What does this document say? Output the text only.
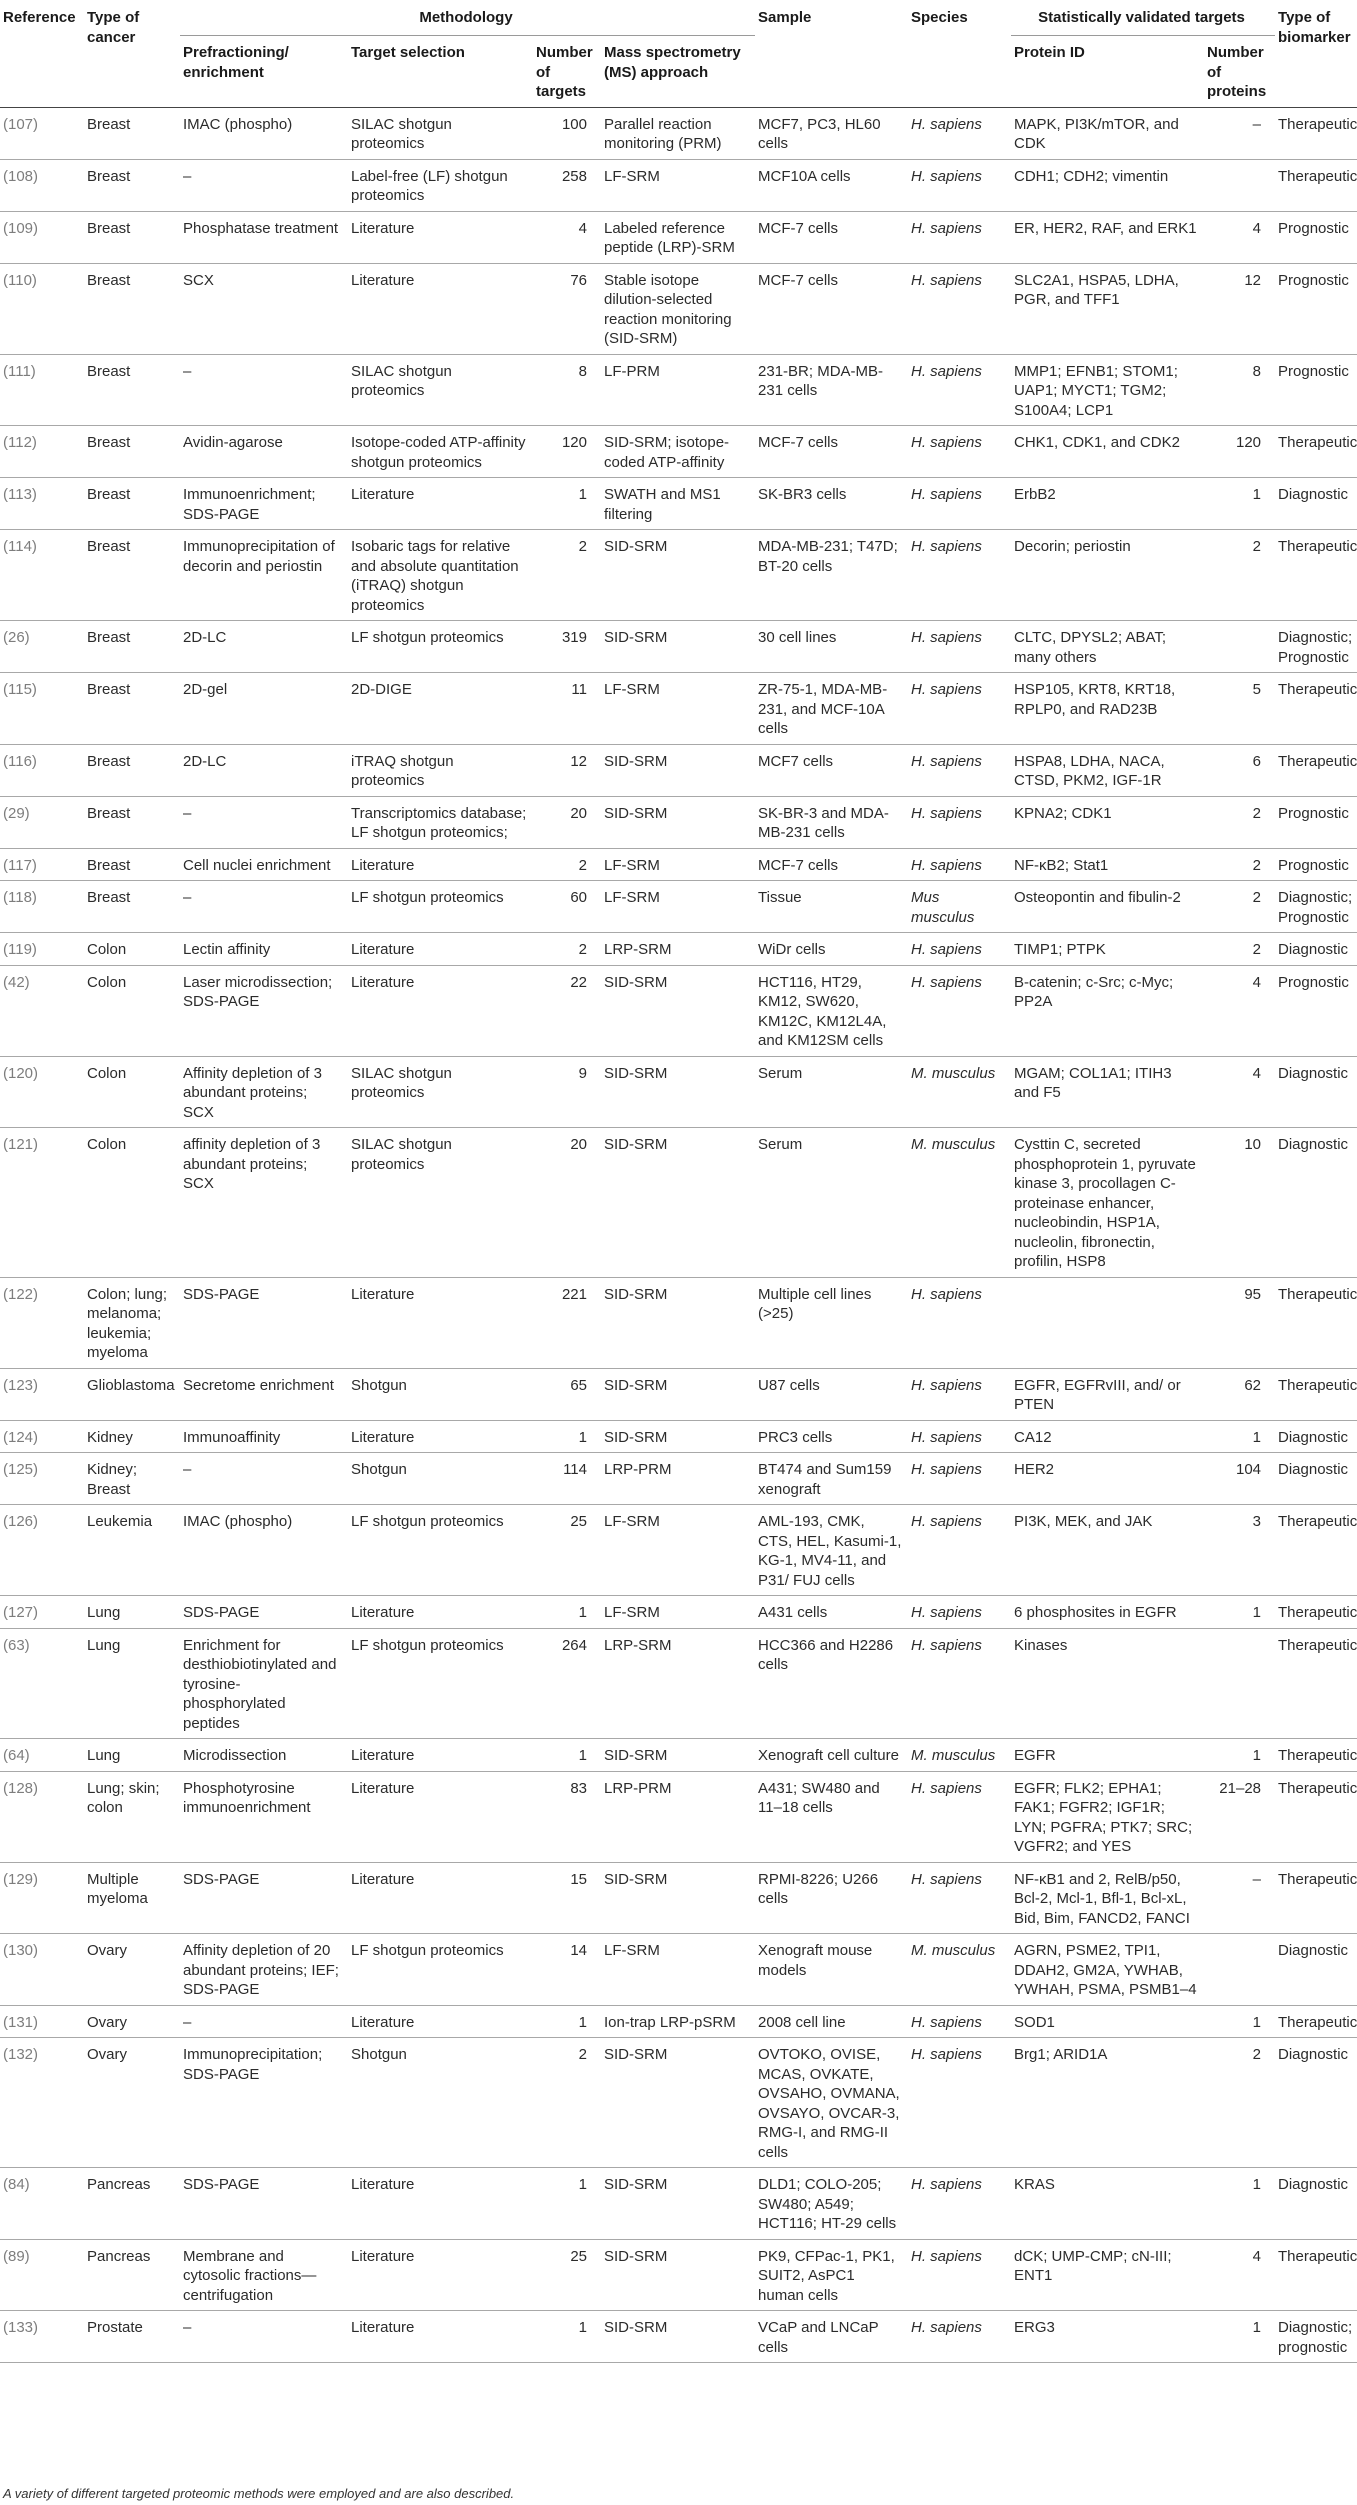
Reference	Type of cancer	Methodology				Sample	Species	Statistically validated targets		Type of biomarker
		Prefractioning/ enrichment	Target selection	Number of targets	Mass spectrometry (MS) approach			Protein ID	Number of proteins	
(107)	Breast	IMAC (phospho)	SILAC shotgun proteomics	100	Parallel reaction monitoring (PRM)	MCF7, PC3, HL60 cells	H. sapiens	MAPK, PI3K/mTOR, and CDK	–	Therapeutic
(108)	Breast	–	Label-free (LF) shotgun proteomics	258	LF-SRM	MCF10A cells	H. sapiens	CDH1; CDH2; vimentin		Therapeutic
(109)	Breast	Phosphatase treatment	Literature	4	Labeled reference peptide (LRP)-SRM	MCF-7 cells	H. sapiens	ER, HER2, RAF, and ERK1	4	Prognostic
(110)	Breast	SCX	Literature	76	Stable isotope dilution-selected reaction monitoring (SID-SRM)	MCF-7 cells	H. sapiens	SLC2A1, HSPA5, LDHA, PGR, and TFF1	12	Prognostic
(111)	Breast	–	SILAC shotgun proteomics	8	LF-PRM	231-BR; MDA-MB-231 cells	H. sapiens	MMP1; EFNB1; STOM1; UAP1; MYCT1; TGM2; S100A4; LCP1	8	Prognostic
(112)	Breast	Avidin-agarose	Isotope-coded ATP-affinity shotgun proteomics	120	SID-SRM; isotope-coded ATP-affinity	MCF-7 cells	H. sapiens	CHK1, CDK1, and CDK2	120	Therapeutic
(113)	Breast	Immunoenrichment; SDS-PAGE	Literature	1	SWATH and MS1 filtering	SK-BR3 cells	H. sapiens	ErbB2	1	Diagnostic
(114)	Breast	Immunoprecipitation of decorin and periostin	Isobaric tags for relative and absolute quantitation (iTRAQ) shotgun proteomics	2	SID-SRM	MDA-MB-231; T47D; BT-20 cells	H. sapiens	Decorin; periostin	2	Therapeutic
(26)	Breast	2D-LC	LF shotgun proteomics	319	SID-SRM	30 cell lines	H. sapiens	CLTC, DPYSL2; ABAT; many others		Diagnostic; Prognostic
(115)	Breast	2D-gel	2D-DIGE	11	LF-SRM	ZR-75-1, MDA-MB-231, and MCF-10A cells	H. sapiens	HSP105, KRT8, KRT18, RPLP0, and RAD23B	5	Therapeutic
(116)	Breast	2D-LC	iTRAQ shotgun proteomics	12	SID-SRM	MCF7 cells	H. sapiens	HSPA8, LDHA, NACA, CTSD, PKM2, IGF-1R	6	Therapeutic
(29)	Breast	–	Transcriptomics database; LF shotgun proteomics;	20	SID-SRM	SK-BR-3 and MDA-MB-231 cells	H. sapiens	KPNA2; CDK1	2	Prognostic
(117)	Breast	Cell nuclei enrichment	Literature	2	LF-SRM	MCF-7 cells	H. sapiens	NF-κB2; Stat1	2	Prognostic
(118)	Breast	–	LF shotgun proteomics	60	LF-SRM	Tissue	Mus musculus	Osteopontin and fibulin-2	2	Diagnostic; Prognostic
(119)	Colon	Lectin affinity	Literature	2	LRP-SRM	WiDr cells	H. sapiens	TIMP1; PTPK	2	Diagnostic
(42)	Colon	Laser microdissection; SDS-PAGE	Literature	22	SID-SRM	HCT116, HT29, KM12, SW620, KM12C, KM12L4A, and KM12SM cells	H. sapiens	B-catenin; c-Src; c-Myc; PP2A	4	Prognostic
(120)	Colon	Affinity depletion of 3 abundant proteins; SCX	SILAC shotgun proteomics	9	SID-SRM	Serum	M. musculus	MGAM; COL1A1; ITIH3 and F5	4	Diagnostic
(121)	Colon	affinity depletion of 3 abundant proteins; SCX	SILAC shotgun proteomics	20	SID-SRM	Serum	M. musculus	Cysttin C, secreted phosphoprotein 1, pyruvate kinase 3, procollagen C-proteinase enhancer, nucleobindin, HSP1A, nucleolin, fibronectin, profilin, HSP8	10	Diagnostic
(122)	Colon; lung; melanoma; leukemia; myeloma	SDS-PAGE	Literature	221	SID-SRM	Multiple cell lines (>25)	H. sapiens		95	Therapeutic
(123)	Glioblastoma	Secretome enrichment	Shotgun	65	SID-SRM	U87 cells	H. sapiens	EGFR, EGFRvIII, and/ or PTEN	62	Therapeutic
(124)	Kidney	Immunoaffinity	Literature	1	SID-SRM	PRC3 cells	H. sapiens	CA12	1	Diagnostic
(125)	Kidney; Breast	–	Shotgun	114	LRP-PRM	BT474 and Sum159 xenograft	H. sapiens	HER2	104	Diagnostic
(126)	Leukemia	IMAC (phospho)	LF shotgun proteomics	25	LF-SRM	AML-193, CMK, CTS, HEL, Kasumi-1, KG-1, MV4-11, and P31/ FUJ cells	H. sapiens	PI3K, MEK, and JAK	3	Therapeutic
(127)	Lung	SDS-PAGE	Literature	1	LF-SRM	A431 cells	H. sapiens	6 phosphosites in EGFR	1	Therapeutic
(63)	Lung	Enrichment for desthiobiotinylated and tyrosine-phosphorylated peptides	LF shotgun proteomics	264	LRP-SRM	HCC366 and H2286 cells	H. sapiens	Kinases		Therapeutic
(64)	Lung	Microdissection	Literature	1	SID-SRM	Xenograft cell culture	M. musculus	EGFR	1	Therapeutic
(128)	Lung; skin; colon	Phosphotyrosine immunoenrichment	Literature	83	LRP-PRM	A431; SW480 and 11–18 cells	H. sapiens	EGFR; FLK2; EPHA1; FAK1; FGFR2; IGF1R; LYN; PGFRA; PTK7; SRC; VGFR2; and YES	21–28	Therapeutic
(129)	Multiple myeloma	SDS-PAGE	Literature	15	SID-SRM	RPMI-8226; U266 cells	H. sapiens	NF-κB1 and 2, RelB/p50, Bcl-2, Mcl-1, Bfl-1, Bcl-xL, Bid, Bim, FANCD2, FANCI	–	Therapeutic
(130)	Ovary	Affinity depletion of 20 abundant proteins; IEF; SDS-PAGE	LF shotgun proteomics	14	LF-SRM	Xenograft mouse models	M. musculus	AGRN, PSME2, TPI1, DDAH2, GM2A, YWHAB, YWHAH, PSMA, PSMB1–4		Diagnostic
(131)	Ovary	–	Literature	1	Ion-trap LRP-pSRM	2008 cell line	H. sapiens	SOD1	1	Therapeutic
(132)	Ovary	Immunoprecipitation; SDS-PAGE	Shotgun	2	SID-SRM	OVTOKO, OVISE, MCAS, OVKATE, OVSAHO, OVMANA, OVSAYO, OVCAR-3, RMG-I, and RMG-II cells	H. sapiens	Brg1; ARID1A	2	Diagnostic
(84)	Pancreas	SDS-PAGE	Literature	1	SID-SRM	DLD1; COLO-205; SW480; A549; HCT116; HT-29 cells	H. sapiens	KRAS	1	Diagnostic
(89)	Pancreas	Membrane and cytosolic fractions—centrifugation	Literature	25	SID-SRM	PK9, CFPac-1, PK1, SUIT2, AsPC1 human cells	H. sapiens	dCK; UMP-CMP; cN-III; ENT1	4	Therapeutic
(133)	Prostate	–	Literature	1	SID-SRM	VCaP and LNCaP cells	H. sapiens	ERG3	1	Diagnostic; prognostic
A variety of different targeted proteomic methods were employed and are also described.
